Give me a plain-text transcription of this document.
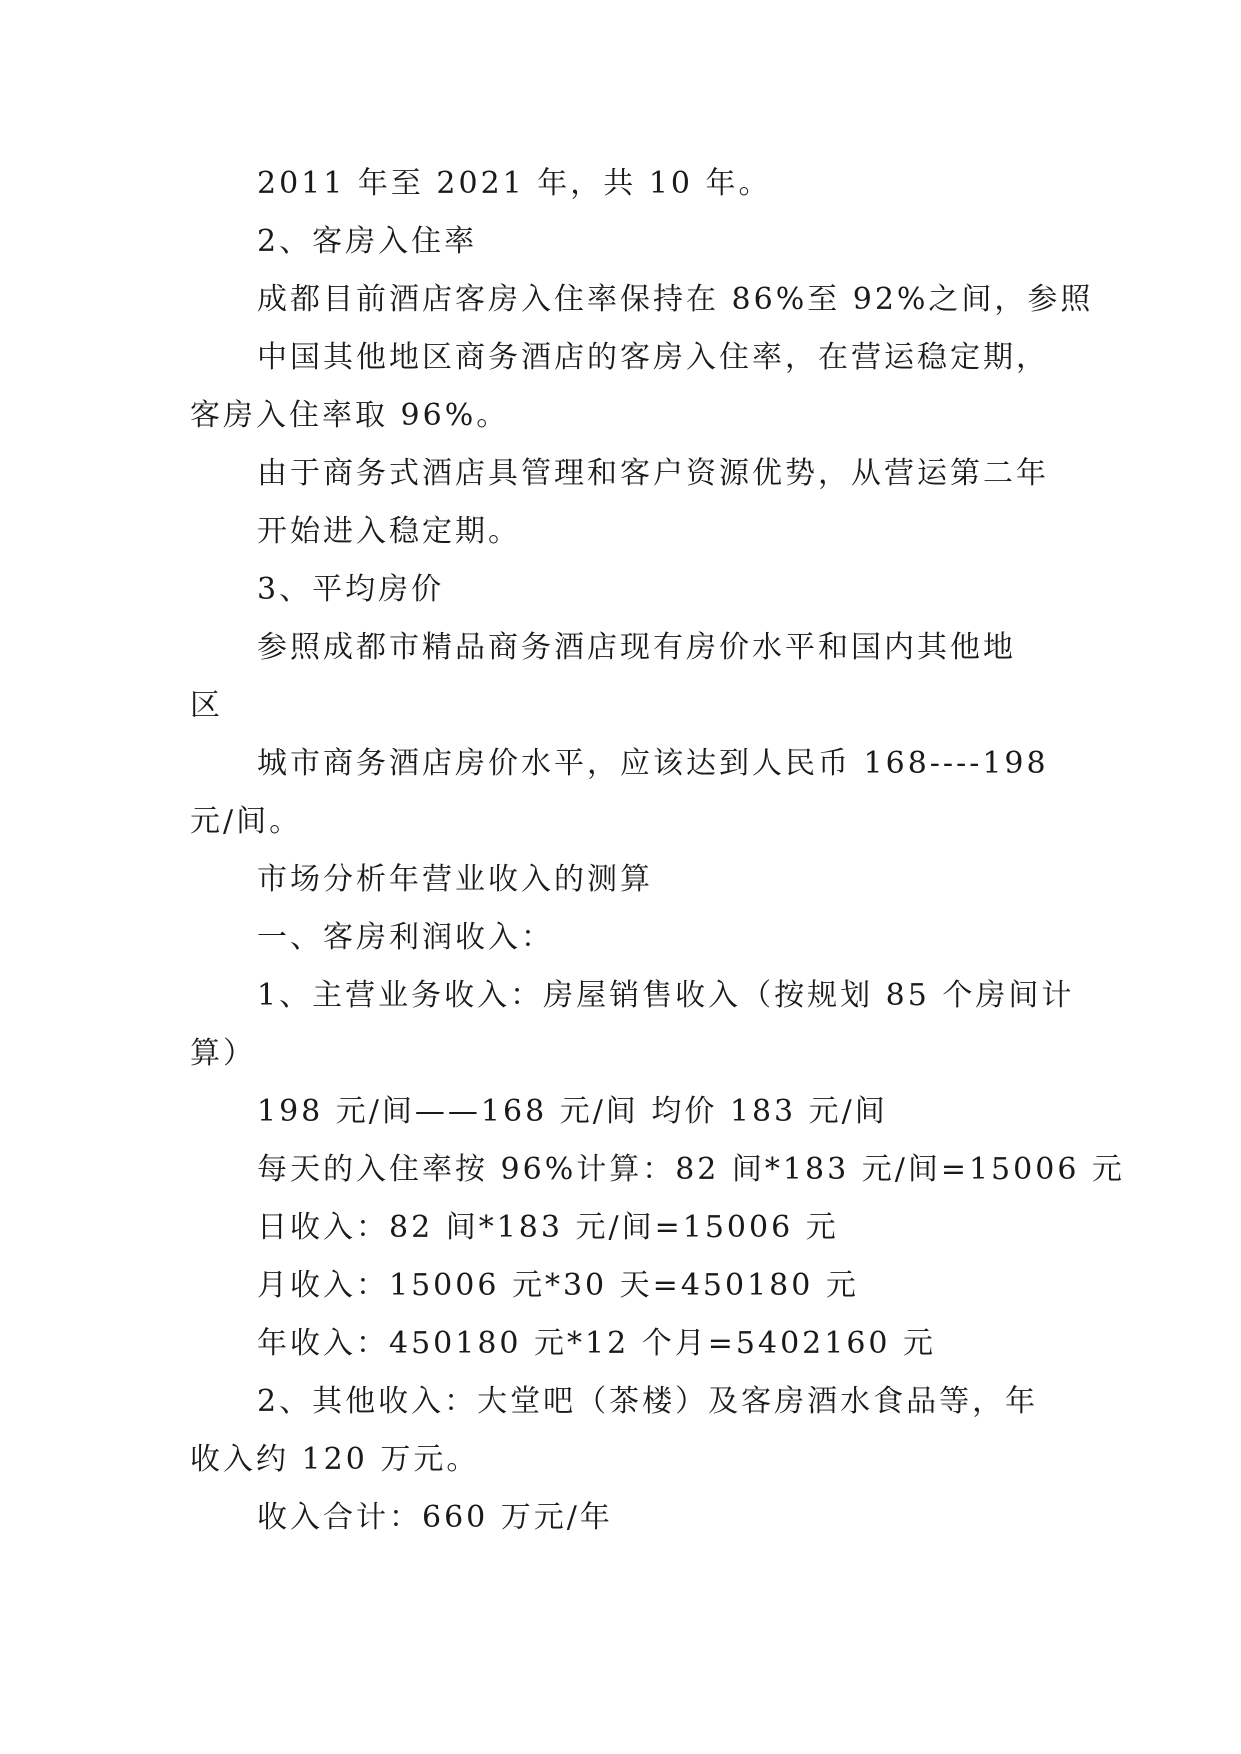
2011 年至 2021 年，共 10 年。
2、客房入住率
成都目前酒店客房入住率保持在 86%至 92%之间，参照
中国其他地区商务酒店的客房入住率，在营运稳定期，
客房入住率取 96%。
由于商务式酒店具管理和客户资源优势，从营运第二年
开始进入稳定期。
3、平均房价
参照成都市精品商务酒店现有房价水平和国内其他地
区
城市商务酒店房价水平，应该达到人民币 168----198
元/间。
市场分析年营业收入的测算
一、客房利润收入：
1、主营业务收入：房屋销售收入（按规划 85 个房间计
算）
198 元/间——168 元/间 均价 183 元/间
每天的入住率按 96%计算：82 间*183 元/间=15006 元
日收入：82 间*183 元/间=15006 元
月收入：15006 元*30 天=450180 元
年收入：450180 元*12 个月=5402160 元
2、其他收入：大堂吧（茶楼）及客房酒水食品等，年
收入约 120 万元。
收入合计：660 万元/年
